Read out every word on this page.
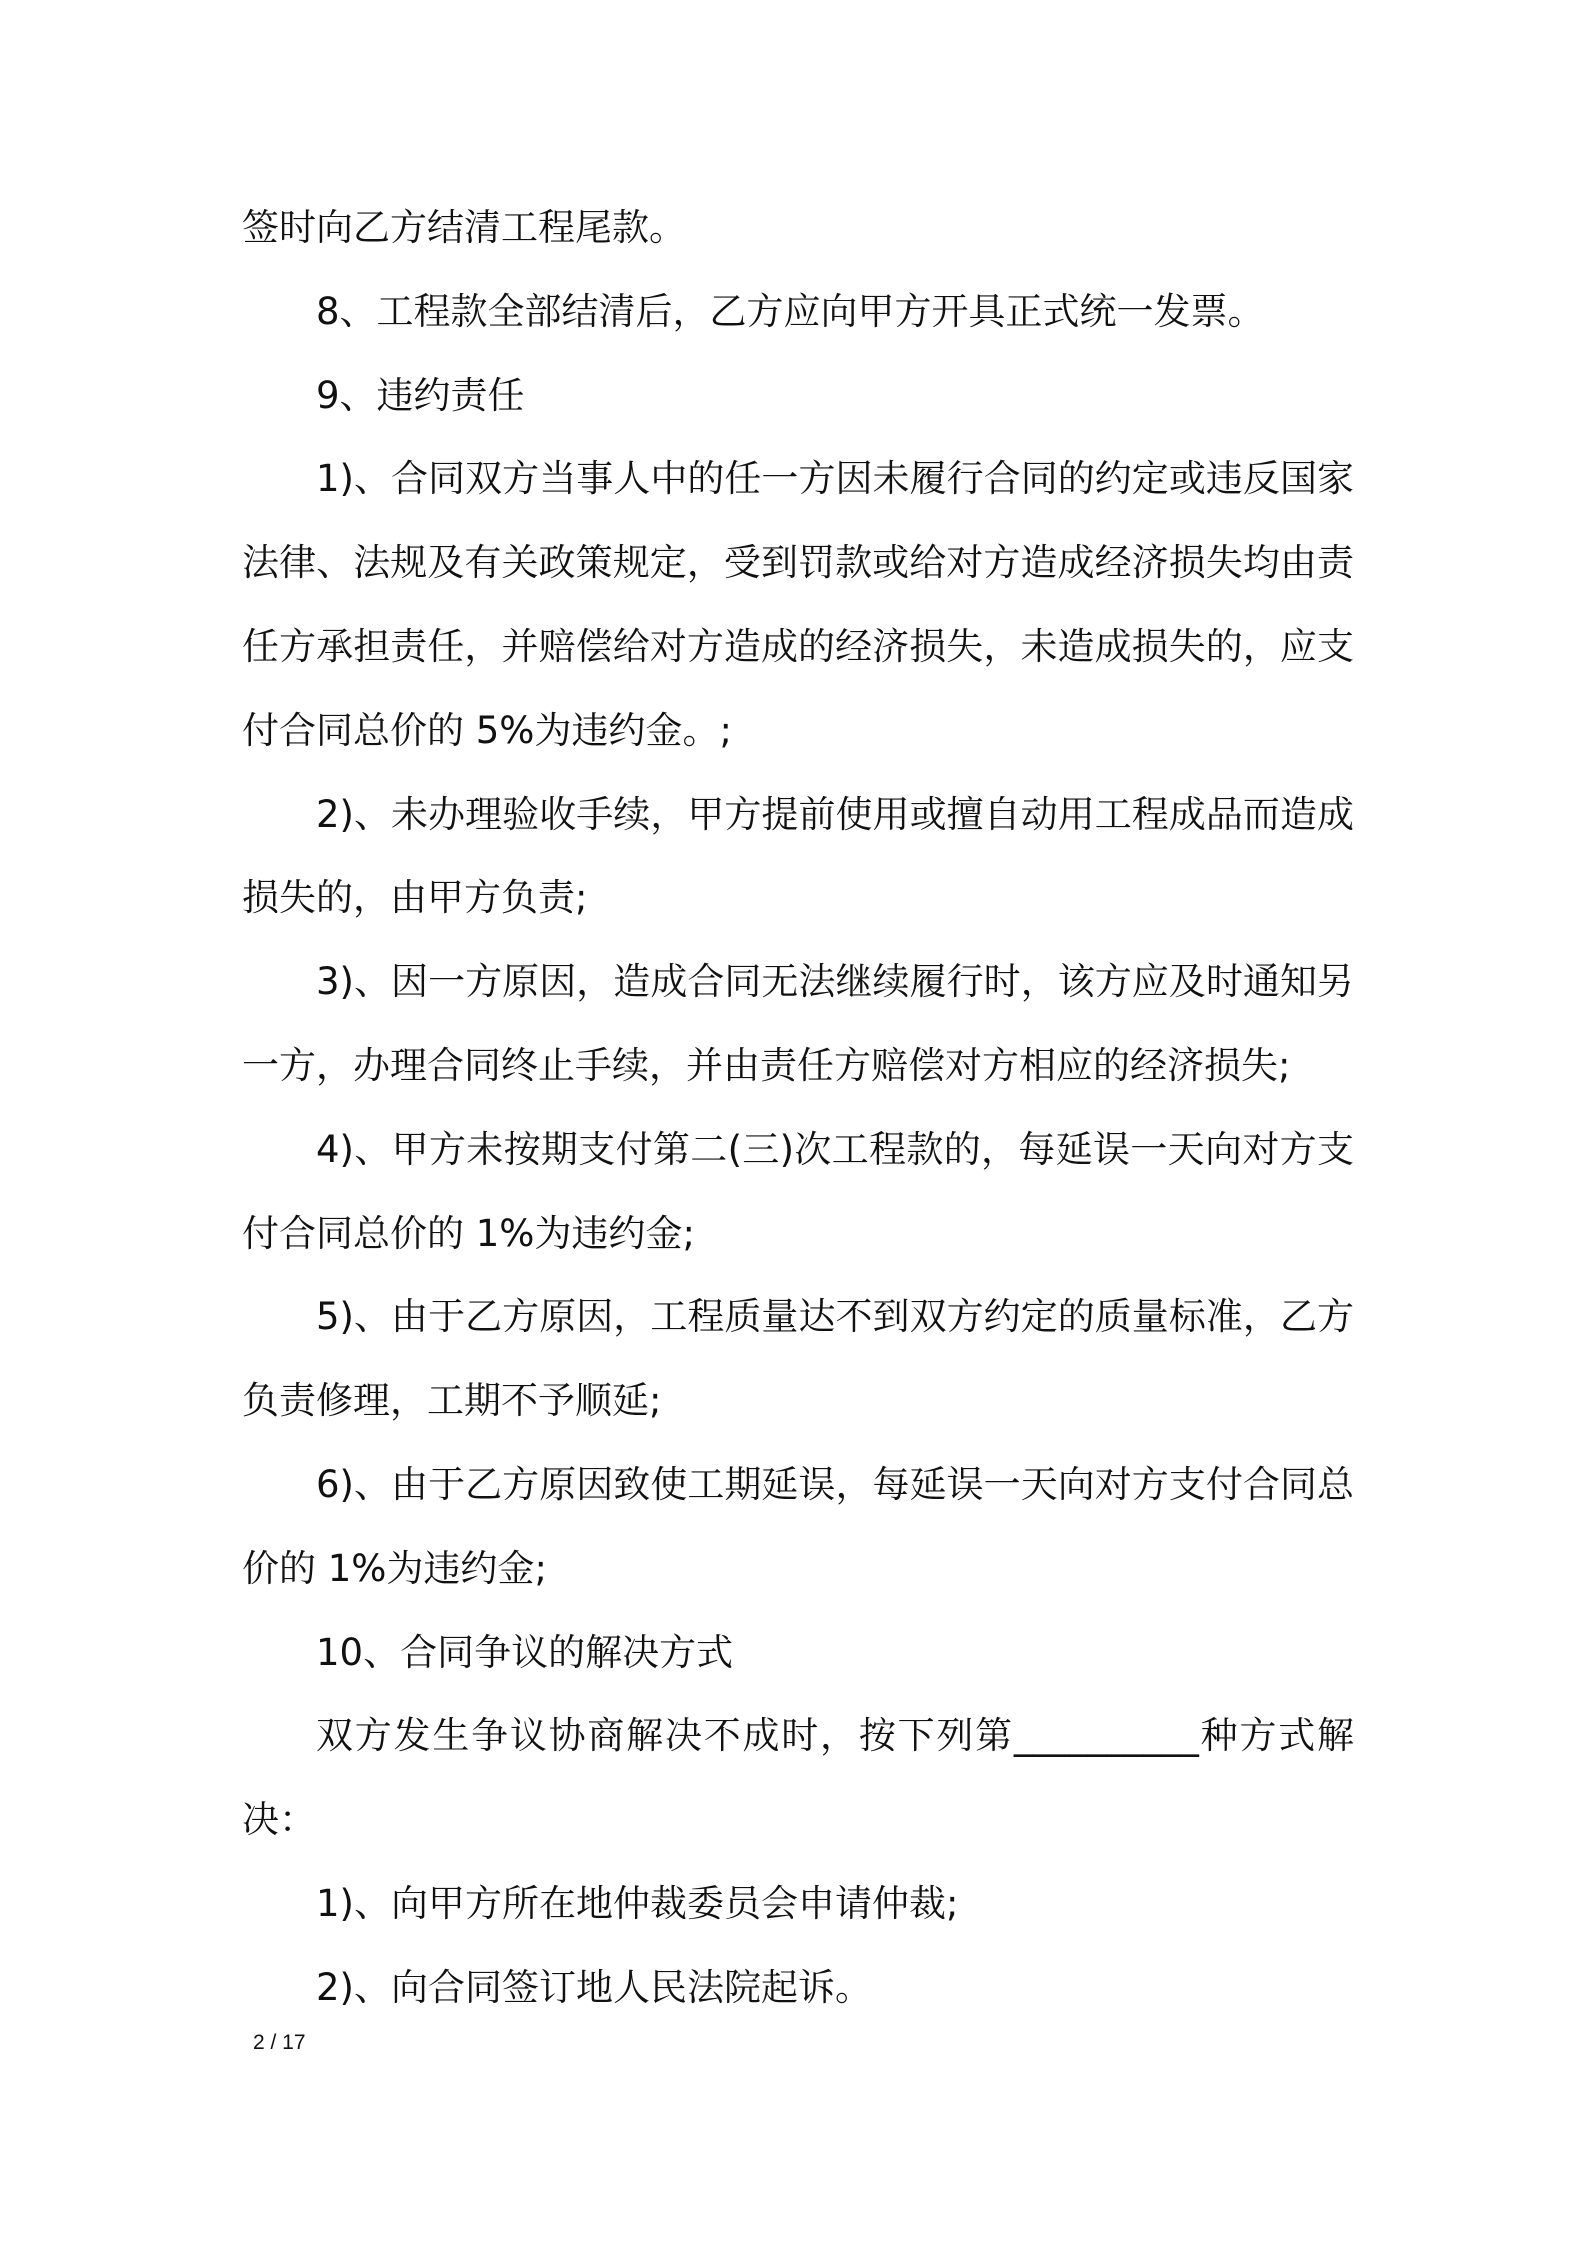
签时向乙方结清工程尾款。
8、工程款全部结清后，乙方应向甲方开具正式统一发票。
9、违约责任
1)、合同双方当事人中的任一方因未履行合同的约定或违反国家
法律、法规及有关政策规定，受到罚款或给对方造成经济损失均由责
任方承担责任，并赔偿给对方造成的经济损失，未造成损失的，应支
付合同总价的 5%为违约金。;
2)、未办理验收手续，甲方提前使用或擅自动用工程成品而造成
损失的，由甲方负责;
3)、因一方原因，造成合同无法继续履行时，该方应及时通知另
一方，办理合同终止手续，并由责任方赔偿对方相应的经济损失;
4)、甲方未按期支付第二(三)次工程款的，每延误一天向对方支
付合同总价的 1%为违约金;
5)、由于乙方原因，工程质量达不到双方约定的质量标准，乙方
负责修理，工期不予顺延;
6)、由于乙方原因致使工期延误，每延误一天向对方支付合同总
价的 1%为违约金;
10、合同争议的解决方式
双方发生争议协商解决不成时，按下列第__________种方式解
决：
1)、向甲方所在地仲裁委员会申请仲裁;
2)、向合同签订地人民法院起诉。
2 / 17
